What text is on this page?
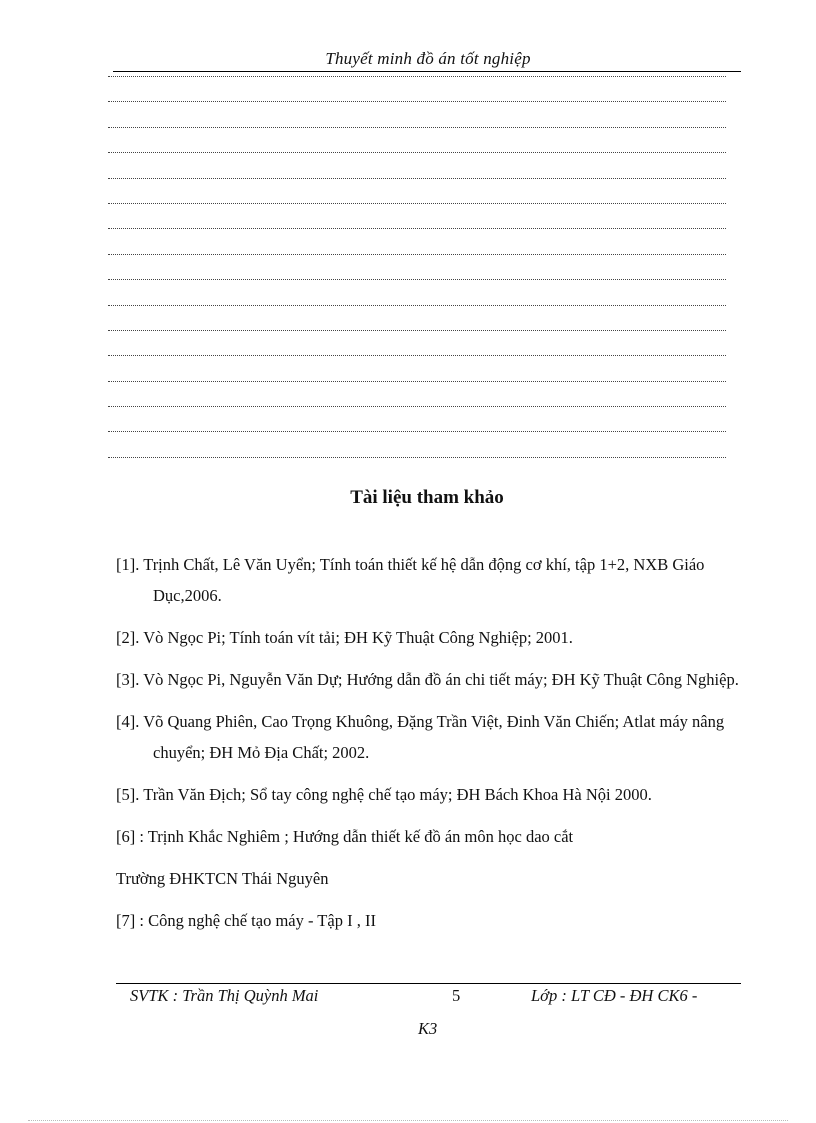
Thuyết minh đồ án tốt nghiệp
Tài liệu tham khảo
[1]. Trịnh Chất, Lê Văn Uyển; Tính toán thiết kế hệ dẫn động cơ khí, tập 1+2, NXB Giáo Dục,2006.
[2]. Vò Ngọc Pi; Tính toán vít tải; ĐH Kỹ Thuật Công Nghiệp; 2001.
[3]. Vò Ngọc Pi, Nguyễn Văn Dự; Hướng dẫn đồ án chi tiết máy; ĐH Kỹ Thuật Công Nghiệp.
[4]. Võ Quang Phiên, Cao Trọng Khuông, Đặng Trần Việt, Đinh Văn Chiến; Atlat máy nâng chuyển; ĐH Mỏ Địa Chất; 2002.
[5]. Trần Văn Địch; Sổ tay công nghệ chế tạo máy; ĐH Bách Khoa Hà Nội 2000.
[6] : Trịnh Khắc Nghiêm ; Hướng dẫn thiết kế đồ án môn học dao cắt
Trường ĐHKTCN Thái Nguyên
[7] : Công nghệ chế tạo máy - Tập I , II
SVTK : Trần Thị Quỳnh Mai	5	Lớp : LT CĐ - ĐH CK6 -
K3
